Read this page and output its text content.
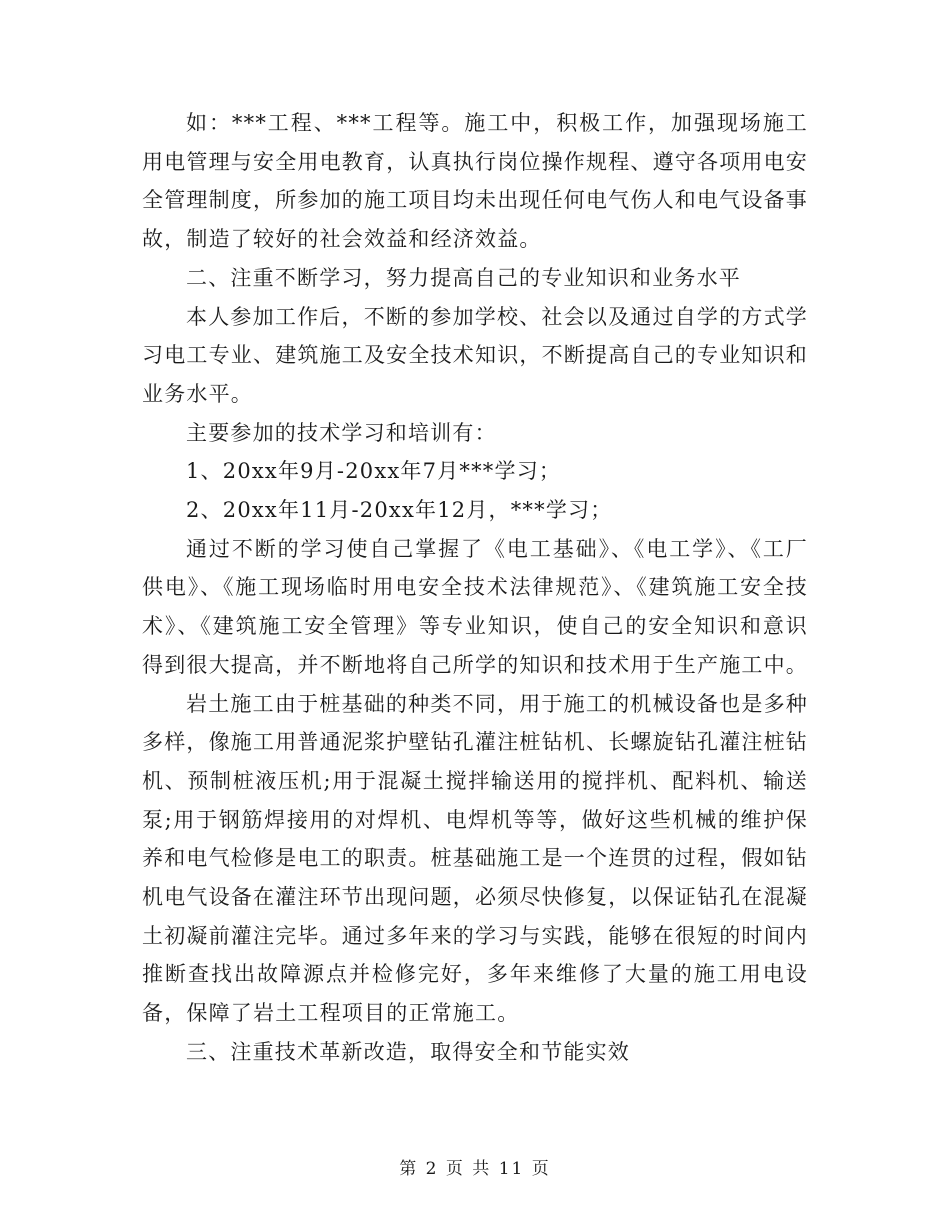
如：***工程、***工程等。施工中，积极工作，加强现场施工用电管理与安全用电教育，认真执行岗位操作规程、遵守各项用电安全管理制度，所参加的施工项目均未出现任何电气伤人和电气设备事故，制造了较好的社会效益和经济效益。

二、注重不断学习，努力提高自己的专业知识和业务水平

本人参加工作后，不断的参加学校、社会以及通过自学的方式学习电工专业、建筑施工及安全技术知识，不断提高自己的专业知识和业务水平。

主要参加的技术学习和培训有：

1、20xx年9月-20xx年7月***学习；

2、20xx年11月-20xx年12月，***学习；

通过不断的学习使自己掌握了《电工基础》、《电工学》、《工厂供电》、《施工现场临时用电安全技术法律规范》、《建筑施工安全技术》、《建筑施工安全管理》等专业知识，使自己的安全知识和意识得到很大提高，并不断地将自己所学的知识和技术用于生产施工中。

岩土施工由于桩基础的种类不同，用于施工的机械设备也是多种多样，像施工用普通泥浆护壁钻孔灌注桩钻机、长螺旋钻孔灌注桩钻机、预制桩液压机;用于混凝土搅拌输送用的搅拌机、配料机、输送泵;用于钢筋焊接用的对焊机、电焊机等等，做好这些机械的维护保养和电气检修是电工的职责。桩基础施工是一个连贯的过程，假如钻机电气设备在灌注环节出现问题，必须尽快修复，以保证钻孔在混凝土初凝前灌注完毕。通过多年来的学习与实践，能够在很短的时间内推断查找出故障源点并检修完好，多年来维修了大量的施工用电设备，保障了岩土工程项目的正常施工。

三、注重技术革新改造，取得安全和节能实效

第 2 页 共 11 页
